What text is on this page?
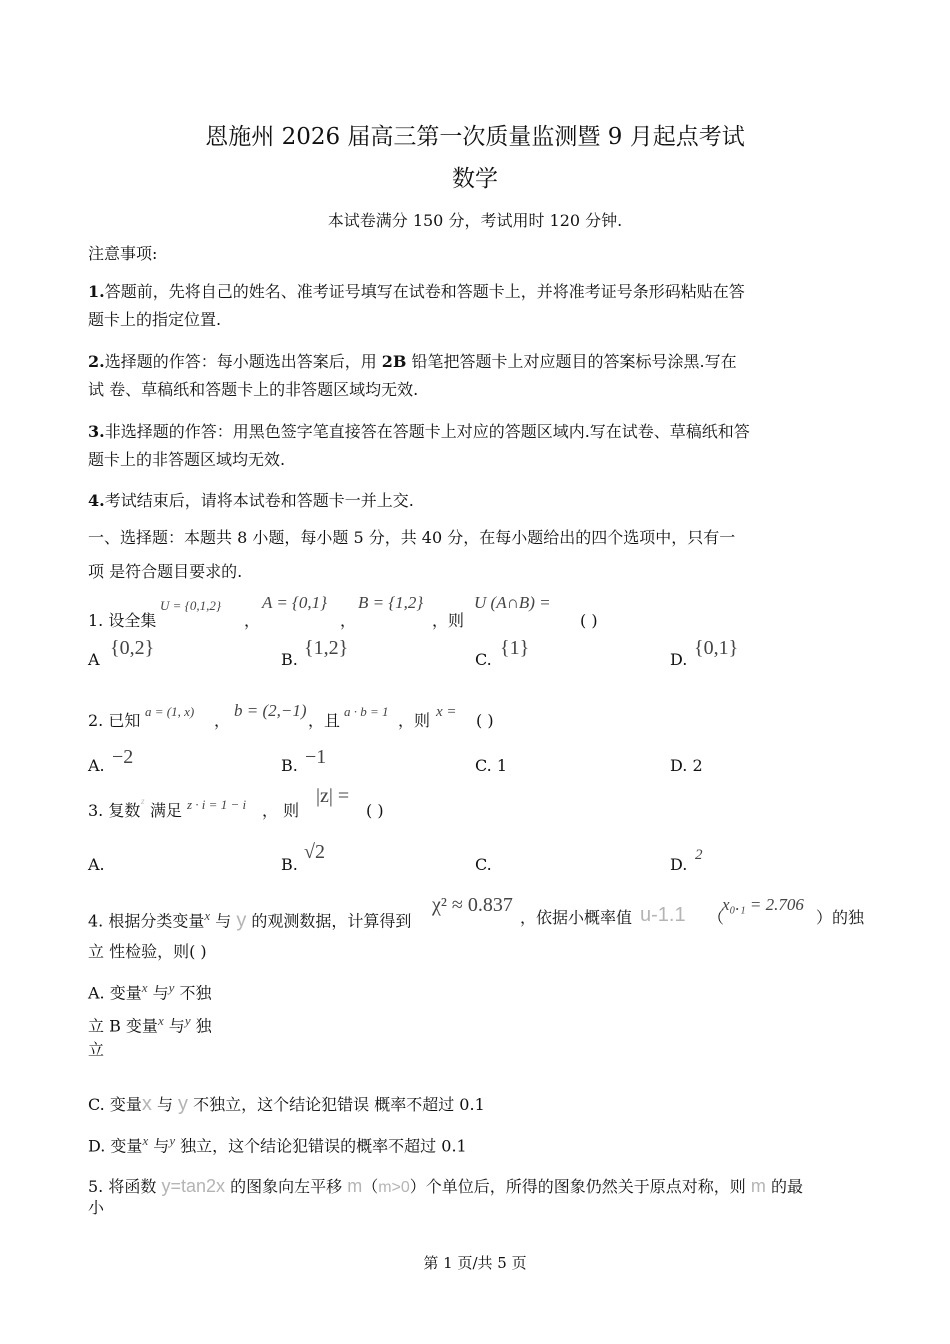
恩施州 2026 届高三第一次质量监测暨 9 月起点考试
数学
本试卷满分 150 分，考试用时 120 分钟.
注意事项:
1.答题前，先将自己的姓名、准考证号填写在试卷和答题卡上，并将准考证号条形码粘贴在答
题卡上的指定位置.
2.选择题的作答：每小题选出答案后，用 2B 铅笔把答题卡上对应题目的答案标号涂黑.写在
试 卷、草稿纸和答题卡上的非答题区域均无效.
3.非选择题的作答：用黑色签字笔直接答在答题卡上对应的答题区域内.写在试卷、草稿纸和答
题卡上的非答题区域均无效.
4.考试结束后，请将本试卷和答题卡一并上交.
一、选择题：本题共 8 小题，每小题 5 分，共 40 分，在每小题给出的四个选项中，只有一
项 是符合题目要求的.
1. 设全集
U = {0,1,2}
，
A = {0,1}
，
B = {1,2}
，则
U (A∩B) =
( )
A
{0,2}
B.
{1,2}
C.
{1}
D.
{0,1}
2. 已知 a = (1, x) ，
b = (2,−1)
，且 a · b = 1 ，则 x = ( )
A. −2	B. −1	C. 1	D. 2
3. 复数 z 满足 z · i = 1 − i ， 则
|z| =
( )
A.	B.
√2
C.	D. 2
4. 根据分类变量$^x$ 与 y 的观测数据，计算得到
χ² ≈ 0.837
，依据小概率值 u-1.1 （
x₀.₁ = 2.706
）的独
立 性检验，则( )
A. 变量$^x$ 与$^y$ 不独
立 B 变量$^x$ 与$^y$ 独
立
C. 变量x 与 y 不独立，这个结论犯错误 概率不超过 0.1
D. 变量$^x$ 与$^y$ 独立，这个结论犯错误的概率不超过 0.1
5. 将函数 y=tan2x 的图象向左平移 m（m>0）个单位后，所得的图象仍然关于原点对称，则 m 的最
小
第 1 页/共 5 页
